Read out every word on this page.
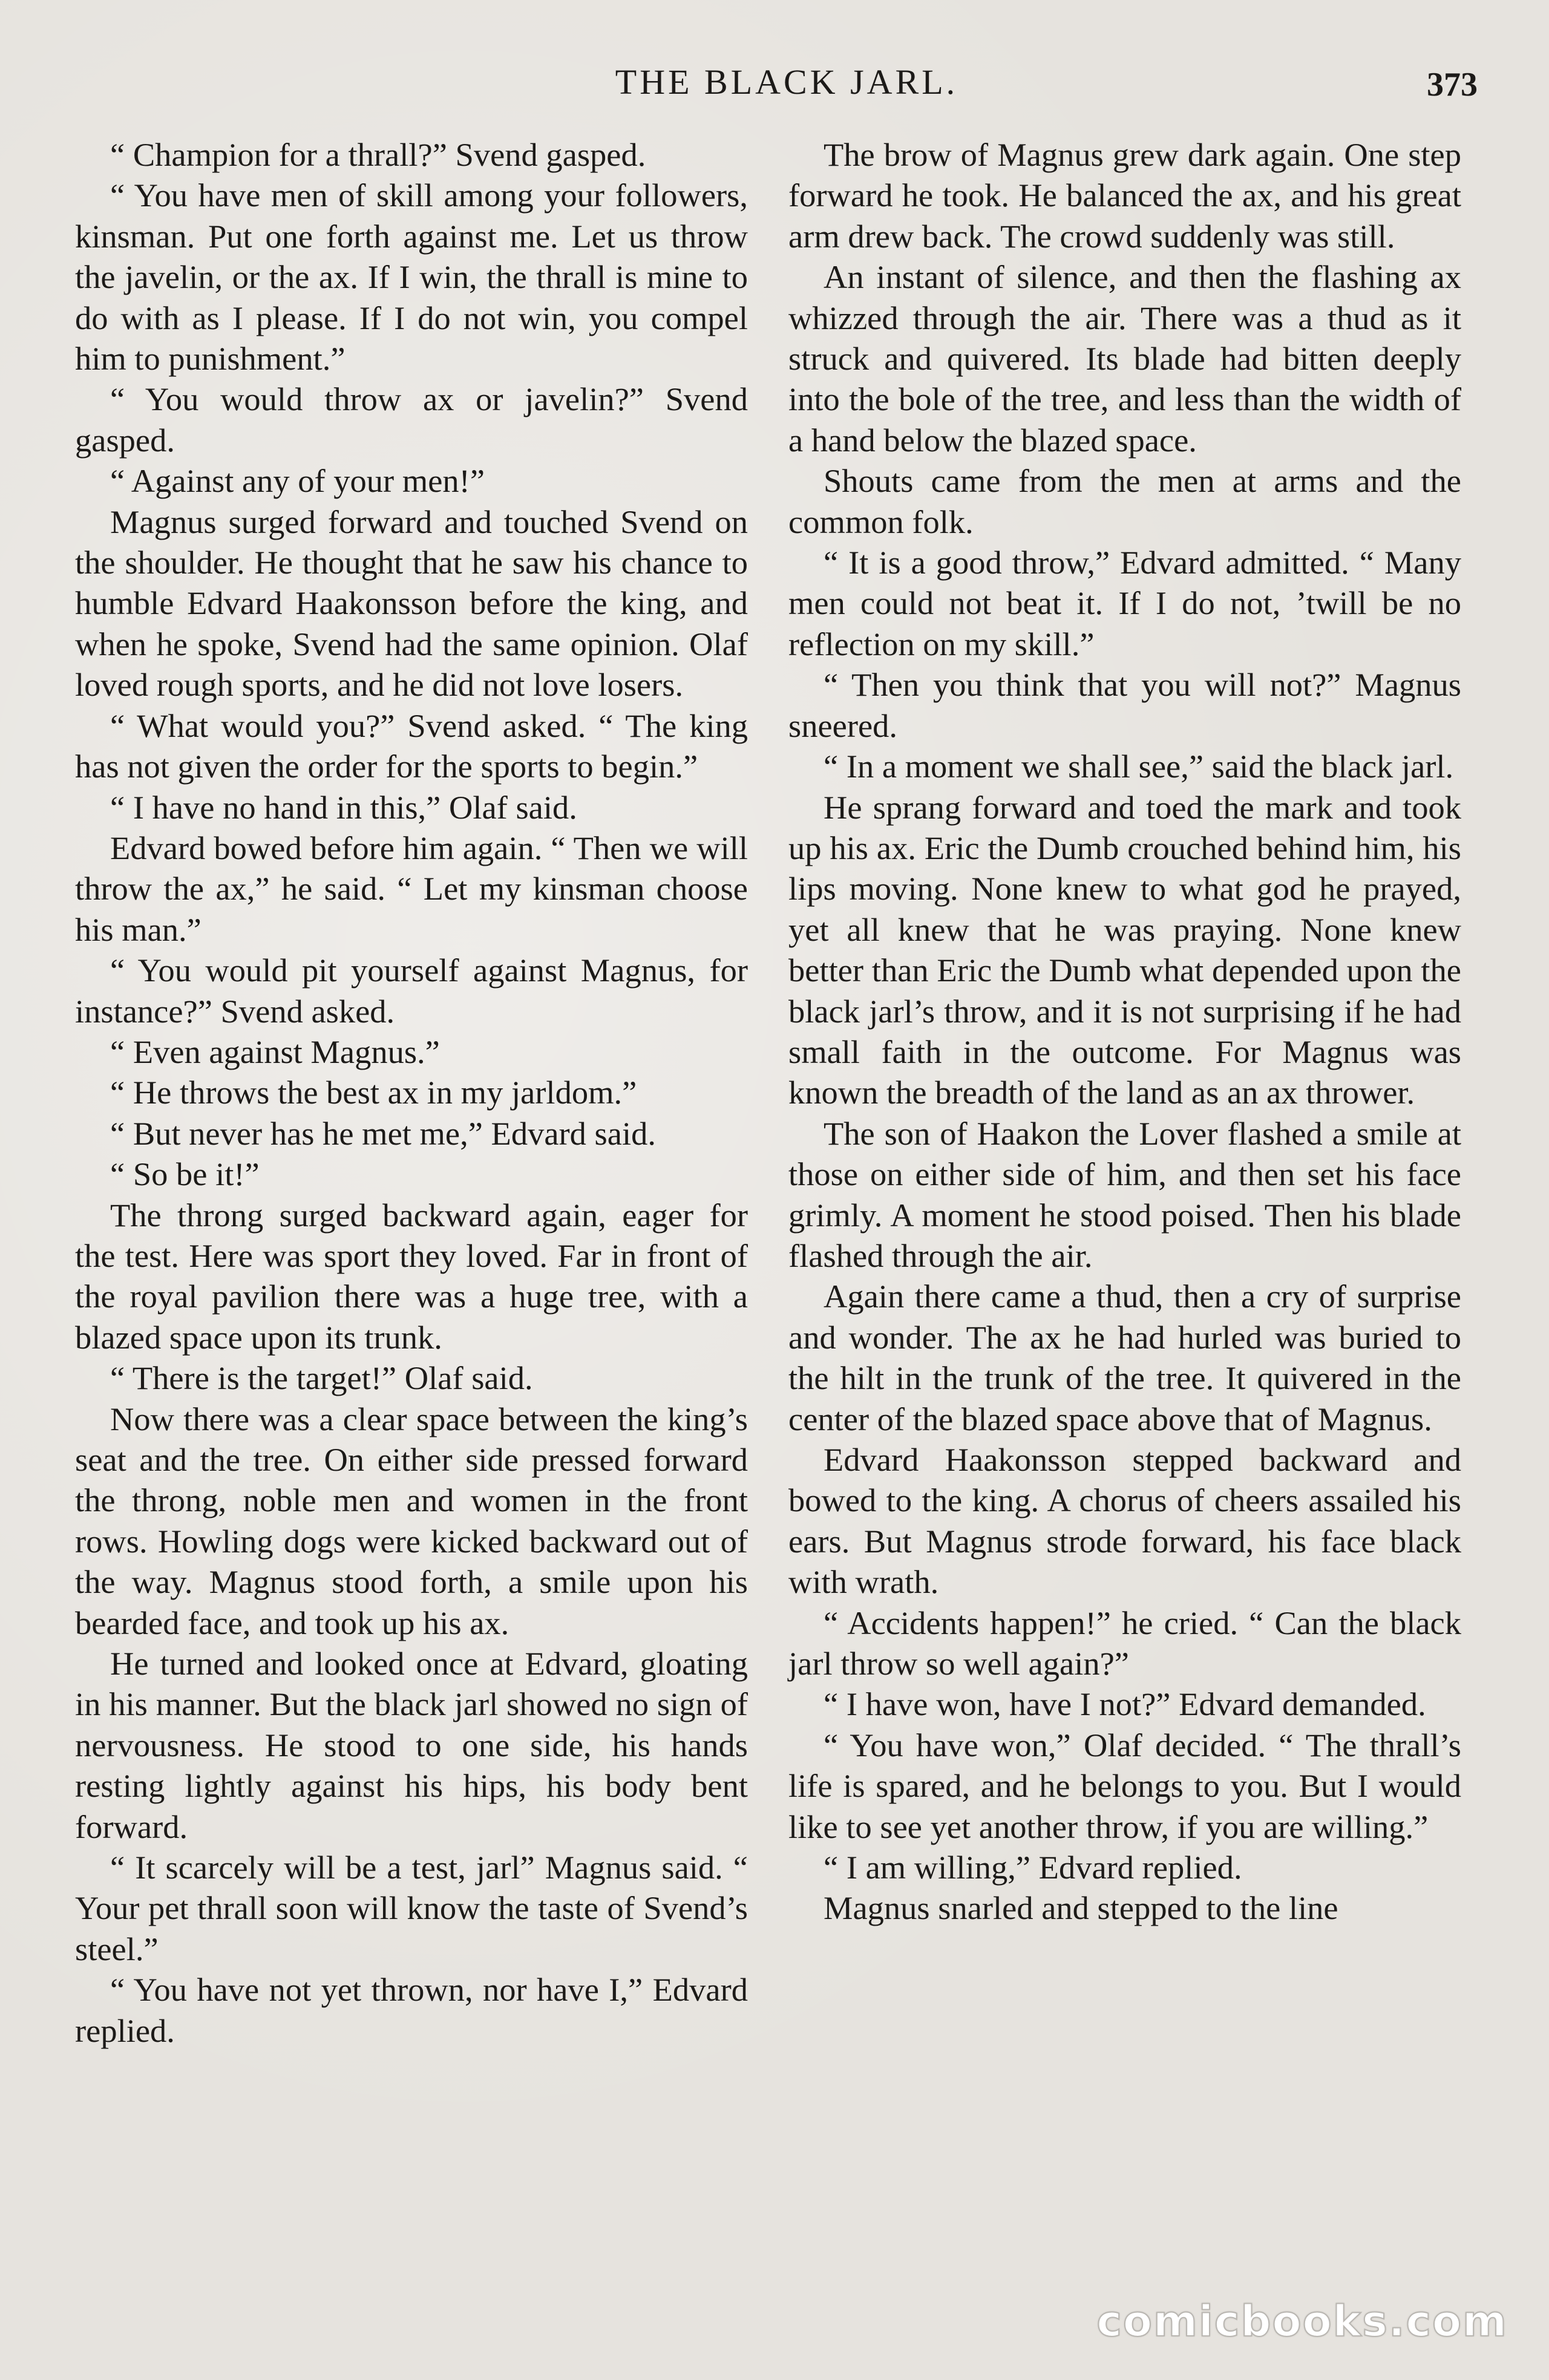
THE BLACK JARL.	373

“ Champion for a thrall?” Svend gasped.

“ You have men of skill among your followers, kinsman. Put one forth against me. Let us throw the javelin, or the ax. If I win, the thrall is mine to do with as I please. If I do not win, you compel him to punishment.”

“ You would throw ax or javelin?” Svend gasped.

“ Against any of your men!”

Magnus surged forward and touched Svend on the shoulder. He thought that he saw his chance to humble Edvard Haakonsson before the king, and when he spoke, Svend had the same opinion. Olaf loved rough sports, and he did not love losers.

“ What would you?” Svend asked. “ The king has not given the order for the sports to begin.”

“ I have no hand in this,” Olaf said.

Edvard bowed before him again. “ Then we will throw the ax,” he said. “ Let my kinsman choose his man.”

“ You would pit yourself against Magnus, for instance?” Svend asked.

“ Even against Magnus.”

“ He throws the best ax in my jarldom.”

“ But never has he met me,” Edvard said.

“ So be it!”

The throng surged backward again, eager for the test. Here was sport they loved. Far in front of the royal pavilion there was a huge tree, with a blazed space upon its trunk.

“ There is the target!” Olaf said.

Now there was a clear space between the king’s seat and the tree. On either side pressed forward the throng, noble men and women in the front rows. Howling dogs were kicked backward out of the way. Magnus stood forth, a smile upon his bearded face, and took up his ax.

He turned and looked once at Edvard, gloating in his manner. But the black jarl showed no sign of nervousness. He stood to one side, his hands resting lightly against his hips, his body bent forward.

“ It scarcely will be a test, jarl” Magnus said. “ Your pet thrall soon will know the taste of Svend’s steel.”

“ You have not yet thrown, nor have I,” Edvard replied.

The brow of Magnus grew dark again. One step forward he took. He balanced the ax, and his great arm drew back. The crowd suddenly was still.

An instant of silence, and then the flashing ax whizzed through the air. There was a thud as it struck and quivered. Its blade had bitten deeply into the bole of the tree, and less than the width of a hand below the blazed space.

Shouts came from the men at arms and the common folk.

“ It is a good throw,” Edvard admitted. “ Many men could not beat it. If I do not, ’twill be no reflection on my skill.”

“ Then you think that you will not?” Magnus sneered.

“ In a moment we shall see,” said the black jarl.

He sprang forward and toed the mark and took up his ax. Eric the Dumb crouched behind him, his lips moving. None knew to what god he prayed, yet all knew that he was praying. None knew better than Eric the Dumb what depended upon the black jarl’s throw, and it is not surprising if he had small faith in the outcome. For Magnus was known the breadth of the land as an ax thrower.

The son of Haakon the Lover flashed a smile at those on either side of him, and then set his face grimly. A moment he stood poised. Then his blade flashed through the air.

Again there came a thud, then a cry of surprise and wonder. The ax he had hurled was buried to the hilt in the trunk of the tree. It quivered in the center of the blazed space above that of Magnus.

Edvard Haakonsson stepped backward and bowed to the king. A chorus of cheers assailed his ears. But Magnus strode forward, his face black with wrath.

“ Accidents happen!” he cried. “ Can the black jarl throw so well again?”

“ I have won, have I not?” Edvard demanded.

“ You have won,” Olaf decided. “ The thrall’s life is spared, and he belongs to you. But I would like to see yet another throw, if you are willing.”

“ I am willing,” Edvard replied.

Magnus snarled and stepped to the line

comicbooks.com
